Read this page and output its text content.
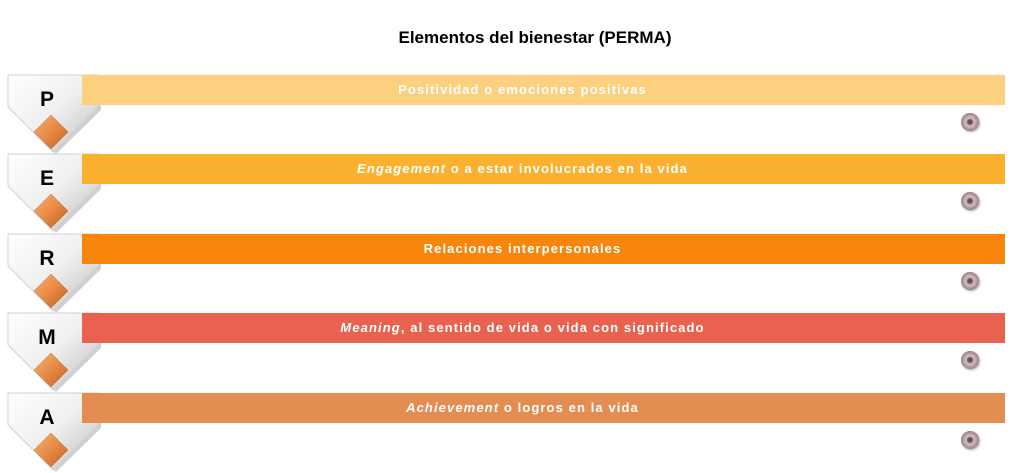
Elementos del bienestar (PERMA)
P	Positividad o emociones positivas
E	Engagement o a estar involucrados en la vida
R	Relaciones interpersonales
M	Meaning, al sentido de vida o vida con significado
A	Achievement o logros en la vida
